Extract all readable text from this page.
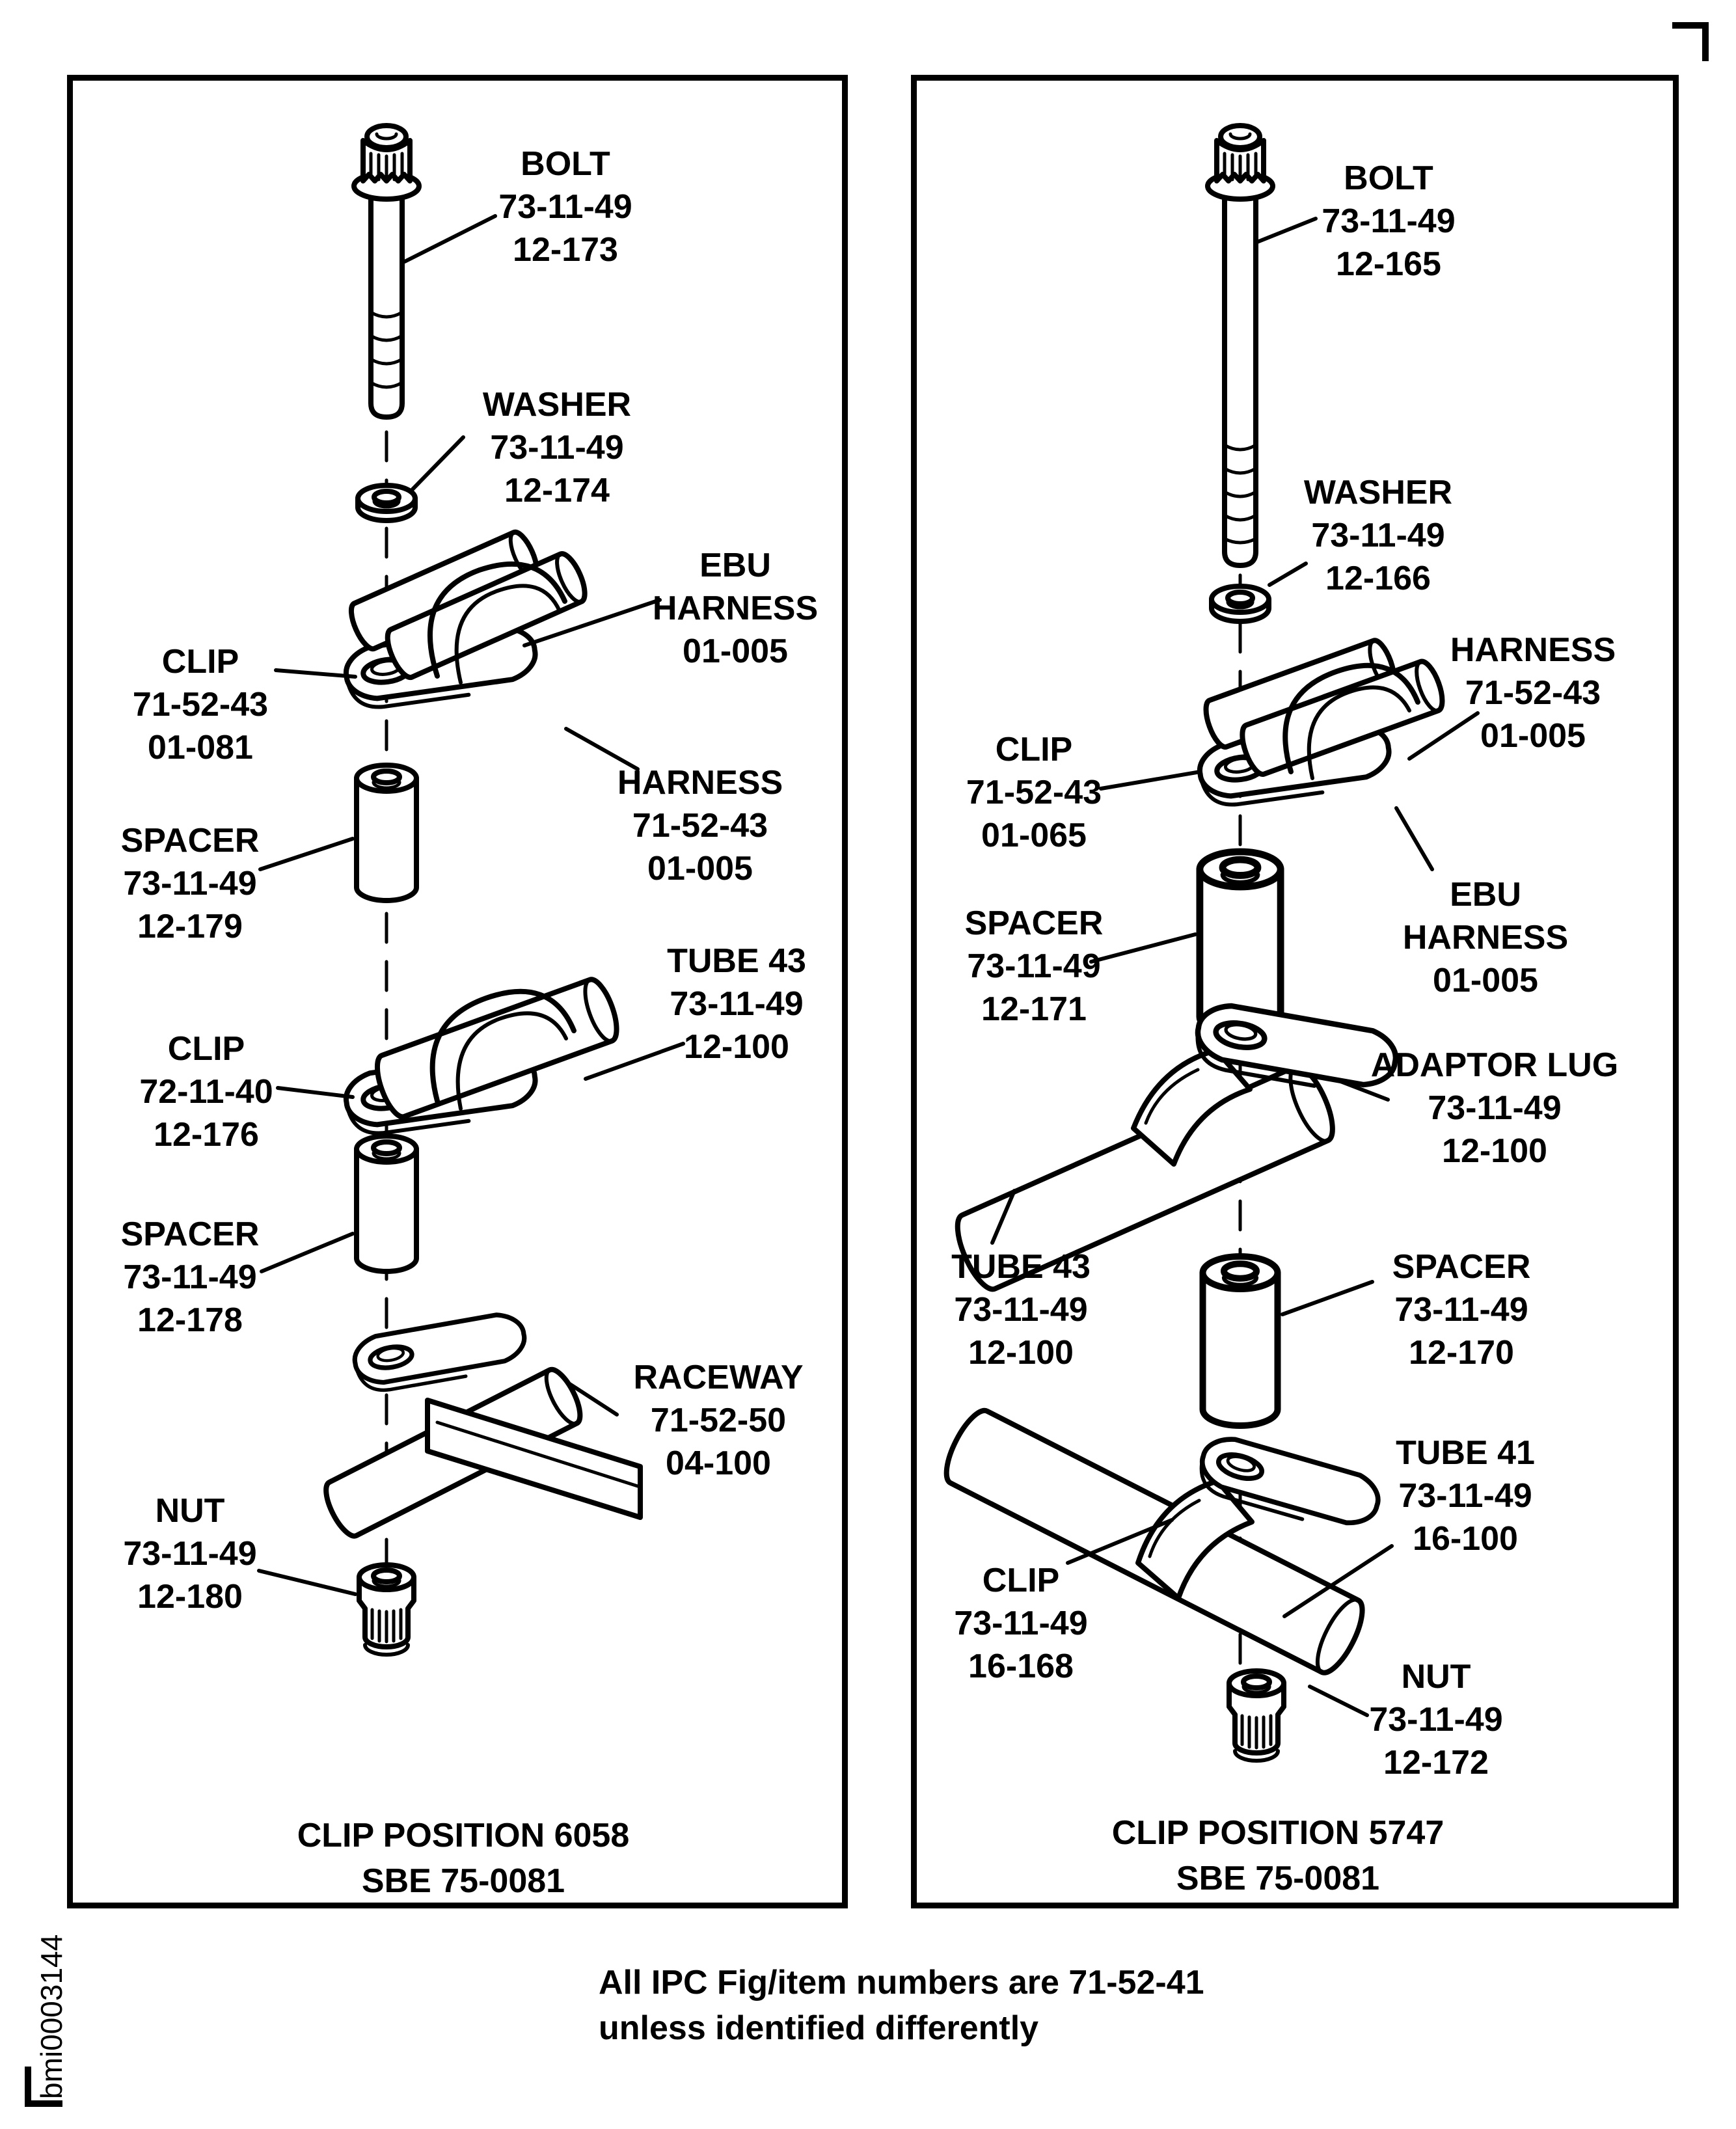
BOLT
73-11-49
12-173
WASHER
73-11-49
12-174
EBU
HARNESS
01-005
CLIP
71-52-43
01-081
HARNESS
71-52-43
01-005
SPACER
73-11-49
12-179
TUBE 43
73-11-49
12-100
CLIP
72-11-40
12-176
SPACER
73-11-49
12-178
RACEWAY
71-52-50
04-100
NUT
73-11-49
12-180
CLIP POSITION 6058
SBE 75-0081
BOLT
73-11-49
12-165
WASHER
73-11-49
12-166
HARNESS
71-52-43
01-005
CLIP
71-52-43
01-065
EBU
HARNESS
01-005
SPACER
73-11-49
12-171
ADAPTOR LUG
73-11-49
12-100
TUBE 43
73-11-49
12-100
SPACER
73-11-49
12-170
TUBE 41
73-11-49
16-100
CLIP
73-11-49
16-168	NUT
73-11-49
12-172
CLIP POSITION 5747
SBE 75-0081
All IPC Fig/item numbers are 71-52-41
unless identified differently
bmi0003144
